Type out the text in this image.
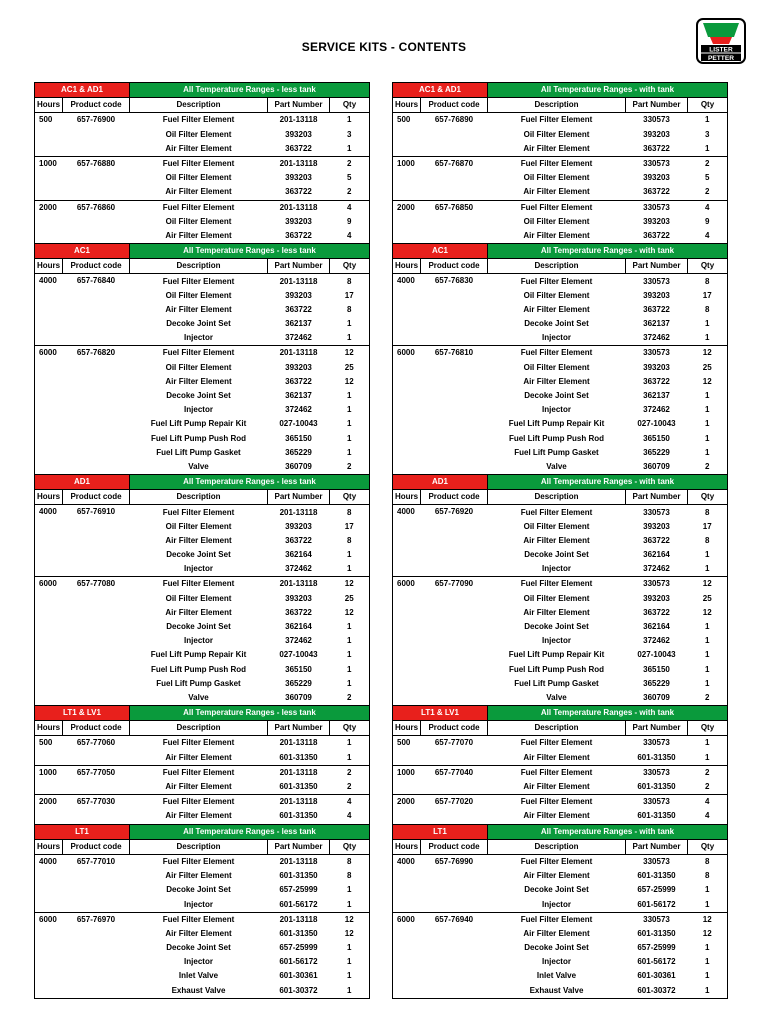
SERVICE KITS - CONTENTS	LISTER
PETTER
AC1 & AD1		All Temperature Ranges - less tank		
Hours	Product code	Description	Part Number	Qty
500	657-76900	Fuel Filter Element	201-13118	1
		Oil Filter Element	393203	3
		Air Filter Element	363722	1
1000	657-76880	Fuel Filter Element	201-13118	2
		Oil Filter Element	393203	5
		Air Filter Element	363722	2
2000	657-76860	Fuel Filter Element	201-13118	4
		Oil Filter Element	393203	9
		Air Filter Element	363722	4
AC1		All Temperature Ranges - less tank		
Hours	Product code	Description	Part Number	Qty
4000	657-76840	Fuel Filter Element	201-13118	8
		Oil Filter Element	393203	17
		Air Filter Element	363722	8
		Decoke Joint Set	362137	1
		Injector	372462	1
6000	657-76820	Fuel Filter Element	201-13118	12
		Oil Filter Element	393203	25
		Air Filter Element	363722	12
		Decoke Joint Set	362137	1
		Injector	372462	1
		Fuel Lift Pump Repair Kit	027-10043	1
		Fuel Lift Pump Push Rod	365150	1
		Fuel Lift Pump Gasket	365229	1
		Valve	360709	2
AD1		All Temperature Ranges - less tank		
Hours	Product code	Description	Part Number	Qty
4000	657-76910	Fuel Filter Element	201-13118	8
		Oil Filter Element	393203	17
		Air Filter Element	363722	8
		Decoke Joint Set	362164	1
		Injector	372462	1
6000	657-77080	Fuel Filter Element	201-13118	12
		Oil Filter Element	393203	25
		Air Filter Element	363722	12
		Decoke Joint Set	362164	1
		Injector	372462	1
		Fuel Lift Pump Repair Kit	027-10043	1
		Fuel Lift Pump Push Rod	365150	1
		Fuel Lift Pump Gasket	365229	1
		Valve	360709	2
AC1 & AD1		All Temperature Ranges - with tank		
Hours	Product code	Description	Part Number	Qty
500	657-76890	Fuel Filter Element	330573	1
		Oil Filter Element	393203	3
		Air Filter Element	363722	1
1000	657-76870	Fuel Filter Element	330573	2
		Oil Filter Element	393203	5
		Air Filter Element	363722	2
2000	657-76850	Fuel Filter Element	330573	4
		Oil Filter Element	393203	9
		Air Filter Element	363722	4
AC1		All Temperature Ranges - with tank		
Hours	Product code	Description	Part Number	Qty
4000	657-76830	Fuel Filter Element	330573	8
		Oil Filter Element	393203	17
		Air Filter Element	363722	8
		Decoke Joint Set	362137	1
		Injector	372462	1
6000	657-76810	Fuel Filter Element	330573	12
		Oil Filter Element	393203	25
		Air Filter Element	363722	12
		Decoke Joint Set	362137	1
		Injector	372462	1
		Fuel Lift Pump Repair Kit	027-10043	1
		Fuel Lift Pump Push Rod	365150	1
		Fuel Lift Pump Gasket	365229	1
		Valve	360709	2
AD1		All Temperature Ranges - with tank		
Hours	Product code	Description	Part Number	Qty
4000	657-76920	Fuel Filter Element	330573	8
		Oil Filter Element	393203	17
		Air Filter Element	363722	8
		Decoke Joint Set	362164	1
		Injector	372462	1
6000	657-77090	Fuel Filter Element	330573	12
		Oil Filter Element	393203	25
		Air Filter Element	363722	12
		Decoke Joint Set	362164	1
		Injector	372462	1
		Fuel Lift Pump Repair Kit	027-10043	1
		Fuel Lift Pump Push Rod	365150	1
		Fuel Lift Pump Gasket	365229	1
		Valve	360709	2
LT1 & LV1		All Temperature Ranges - less tank		
Hours	Product code	Description	Part Number	Qty
500	657-77060	Fuel Filter Element	201-13118	1
		Air Filter Element	601-31350	1
1000	657-77050	Fuel Filter Element	201-13118	2
		Air Filter Element	601-31350	2
2000	657-77030	Fuel Filter Element	201-13118	4
		Air Filter Element	601-31350	4
LT1		All Temperature Ranges - less tank		
Hours	Product code	Description	Part Number	Qty
4000	657-77010	Fuel Filter Element	201-13118	8
		Air Filter Element	601-31350	8
		Decoke Joint Set	657-25999	1
		Injector	601-56172	1
6000	657-76970	Fuel Filter Element	201-13118	12
		Air Filter Element	601-31350	12
		Decoke Joint Set	657-25999	1
		Injector	601-56172	1
		Inlet Valve	601-30361	1
		Exhaust Valve	601-30372	1
LT1 & LV1		All Temperature Ranges - with tank		
Hours	Product code	Description	Part Number	Qty
500	657-77070	Fuel Filter Element	330573	1
		Air Filter Element	601-31350	1
1000	657-77040	Fuel Filter Element	330573	2
		Air Filter Element	601-31350	2
2000	657-77020	Fuel Filter Element	330573	4
		Air Filter Element	601-31350	4
LT1		All Temperature Ranges - with tank		
Hours	Product code	Description	Part Number	Qty
4000	657-76990	Fuel Filter Element	330573	8
		Air Filter Element	601-31350	8
		Decoke Joint Set	657-25999	1
		Injector	601-56172	1
6000	657-76940	Fuel Filter Element	330573	12
		Air Filter Element	601-31350	12
		Decoke Joint Set	657-25999	1
		Injector	601-56172	1
		Inlet Valve	601-30361	1
		Exhaust Valve	601-30372	1
